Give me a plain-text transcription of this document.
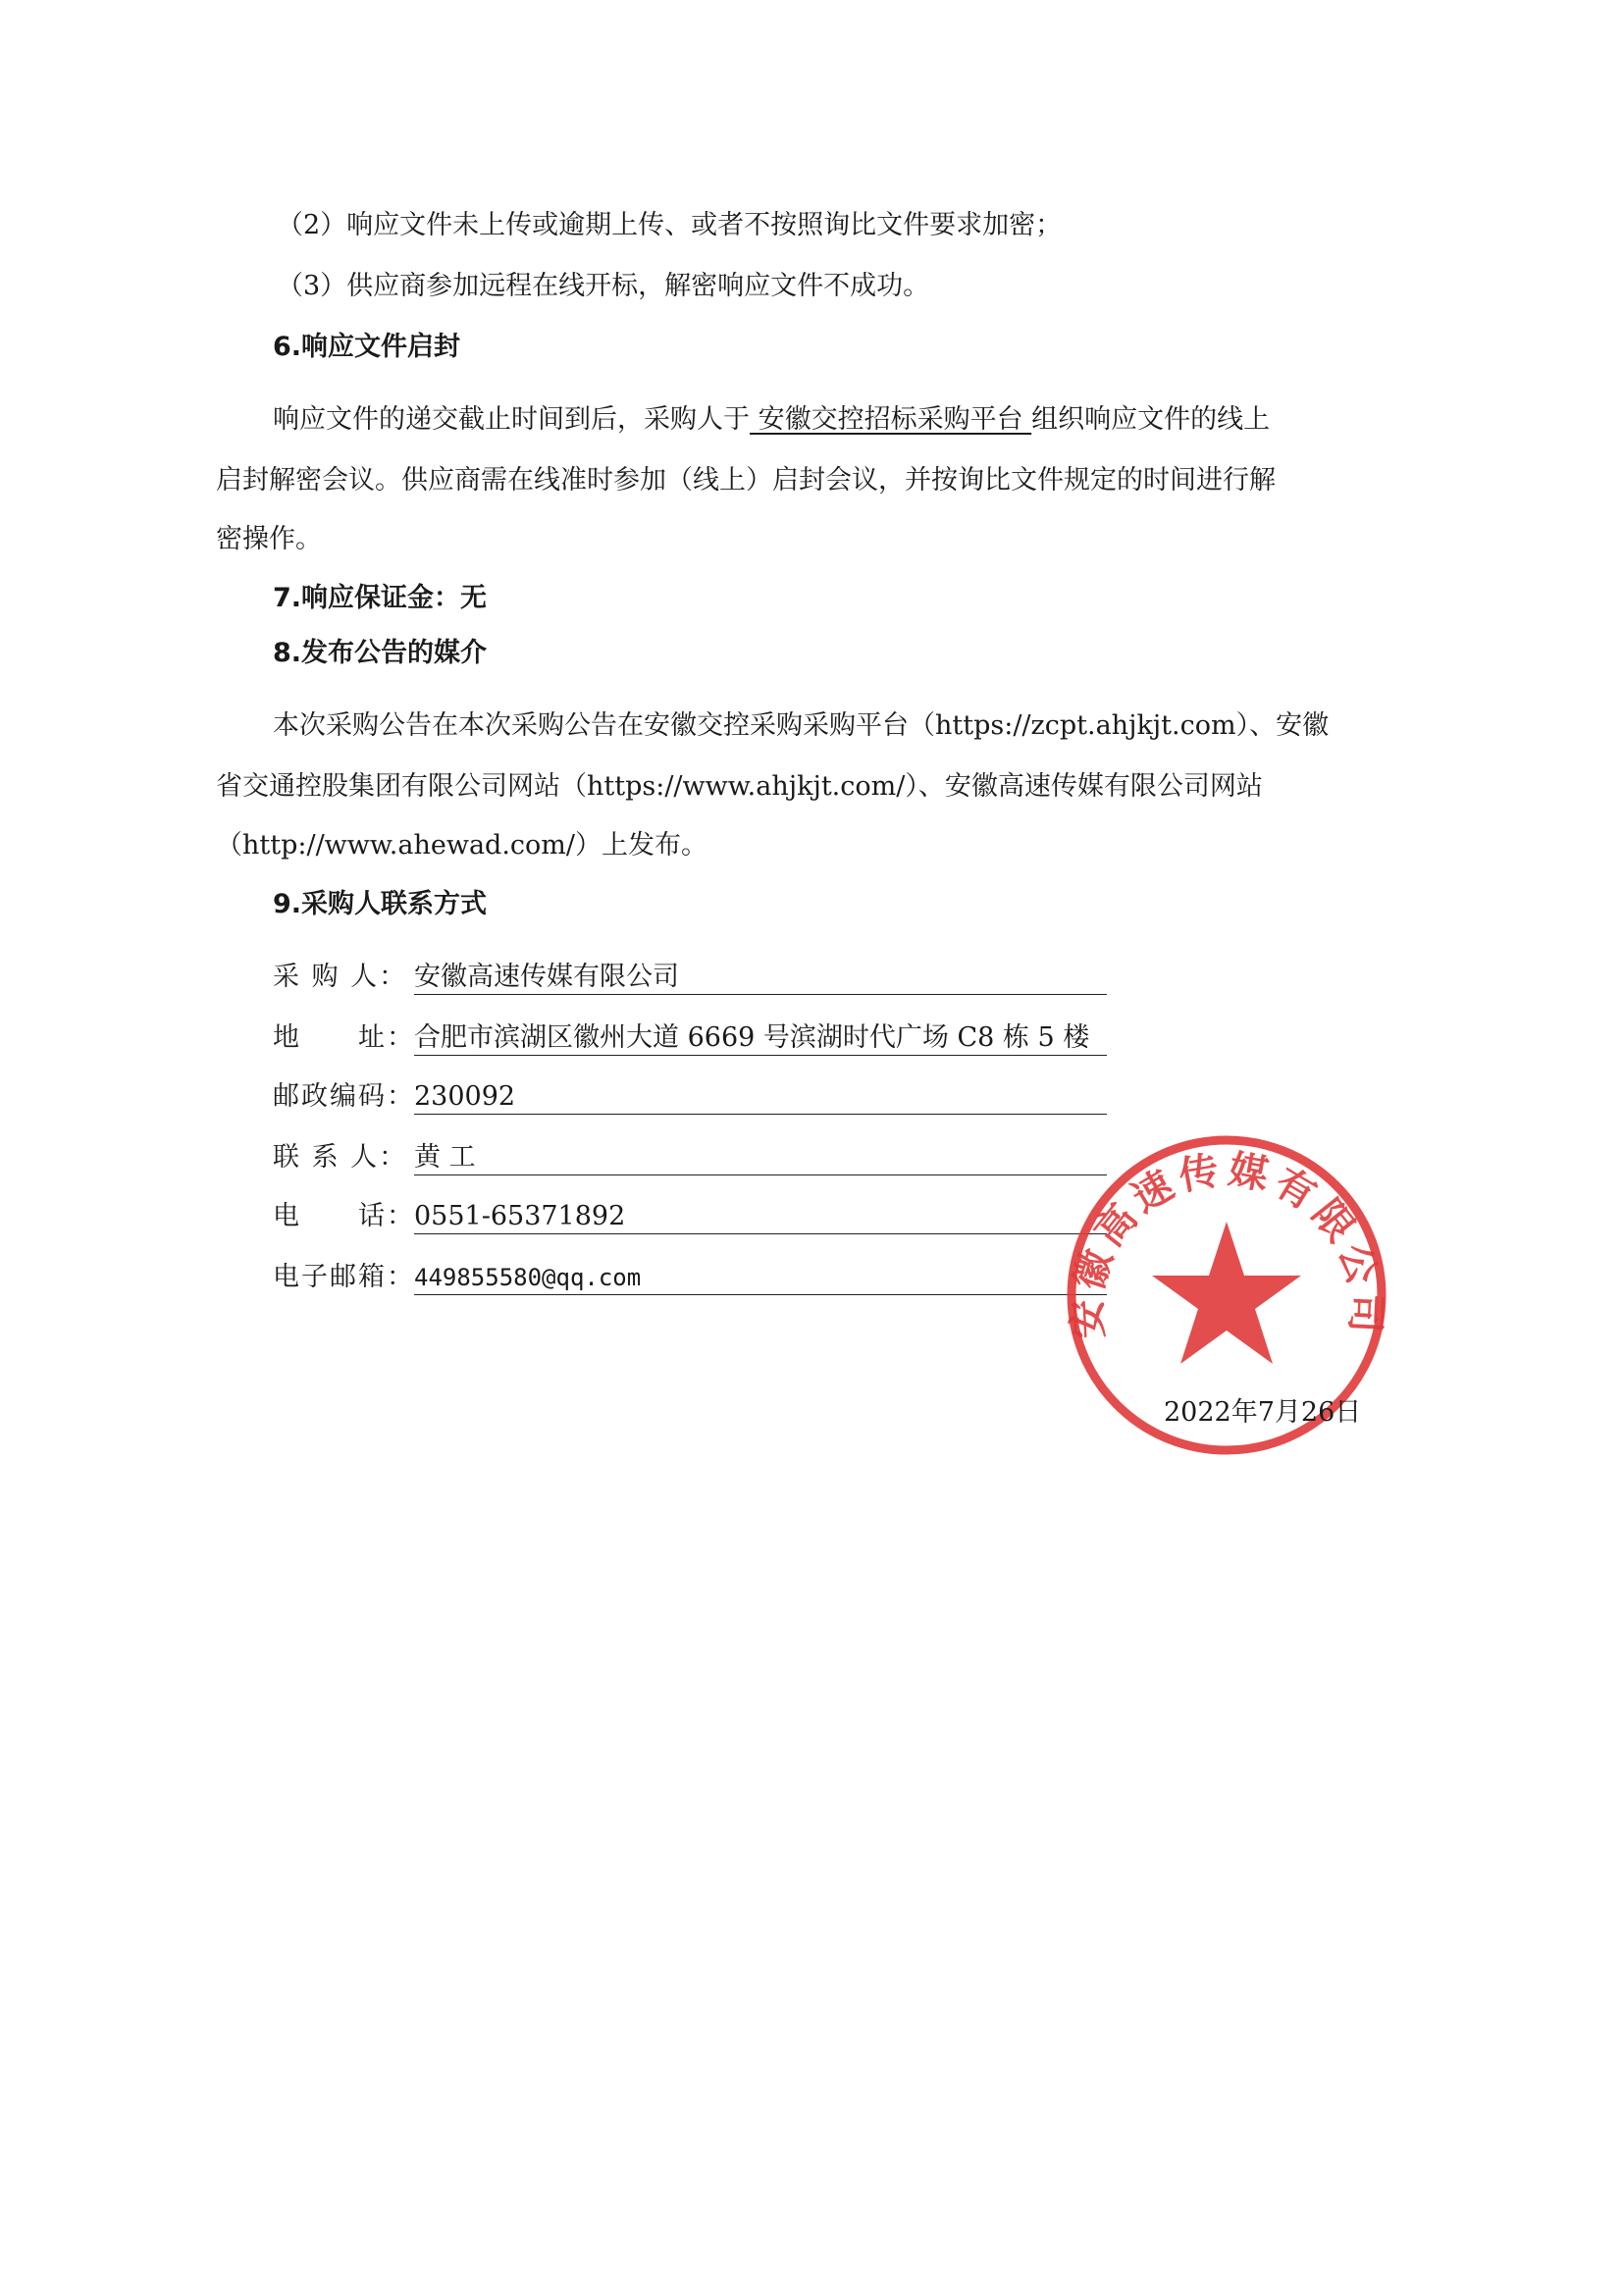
（2）响应文件未上传或逾期上传、或者不按照询比文件要求加密；
（3）供应商参加远程在线开标，解密响应文件不成功。
6.响应文件启封
响应文件的递交截止时间到后，采购人于 安徽交控招标采购平台 组织响应文件的线上
启封解密会议。供应商需在线准时参加（线上）启封会议，并按询比文件规定的时间进行解
密操作。
7.响应保证金：无
8.发布公告的媒介
本次采购公告在本次采购公告在安徽交控采购采购平台（https://zcpt.ahjkjt.com）、安徽
省交通控股集团有限公司网站（https://www.ahjkjt.com/）、安徽高速传媒有限公司网站
（http://www.ahewad.com/）上发布。
9.采购人联系方式
采 购 人： 安徽高速传媒有限公司
地　　址：合肥市滨湖区徽州大道 6669 号滨湖时代广场 C8 栋 5 楼
邮政编码：230092
联 系 人： 黄 工
电　　话：0551-65371892
电子邮箱：449855580@qq.com
安徽高速传媒有限公司
2022年7月26日
